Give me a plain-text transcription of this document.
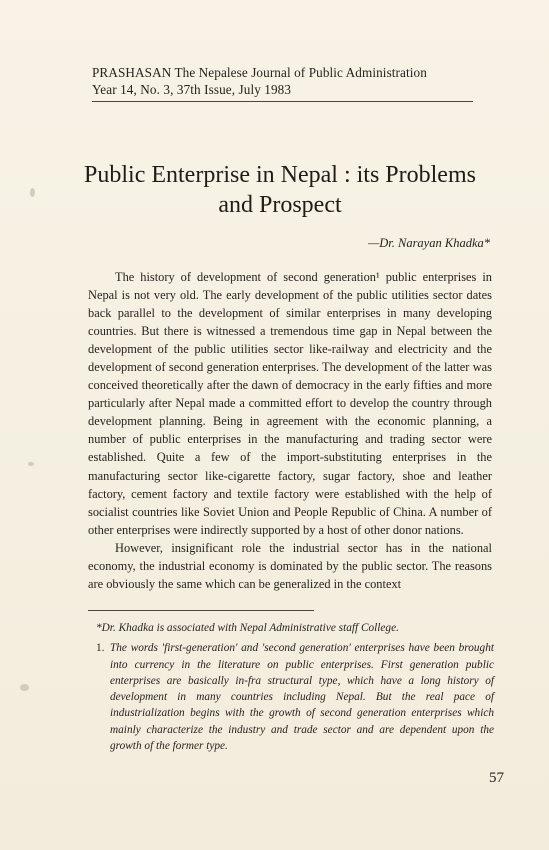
PRASHASAN The Nepalese Journal of Public Administration
Year 14, No. 3, 37th Issue, July 1983
Public Enterprise in Nepal : its Problems
and Prospect
—Dr. Narayan Khadka*

The history of development of second generation¹ public enterprises in Nepal is not very old. The early development of the public utilities sector dates back parallel to the development of similar enterprises in many developing countries. But there is witnessed a tremendous time gap in Nepal between the development of the public utilities sector like-railway and electricity and the development of second generation enterprises. The development of the latter was conceived theoretically after the dawn of democracy in the early fifties and more particularly after Nepal made a committed effort to develop the country through development planning. Being in agreement with the economic planning, a number of public enterprises in the manufacturing and trading sector were established. Quite a few of the import-substituting enterprises in the manufacturing sector like-cigarette factory, sugar factory, shoe and leather factory, cement factory and textile factory were established with the help of socialist countries like Soviet Union and People Republic of China. A number of other enterprises were indirectly supported by a host of other donor nations.

However, insignificant role the industrial sector has in the national economy, the industrial economy is dominated by the public sector. The reasons are obviously the same which can be generalized in the context

*Dr. Khadka is associated with Nepal Administrative staff College.

1. The words 'first-generation' and 'second generation' enterprises have been brought into currency in the literature on public enterprises. First generation public enterprises are basically in-fra structural type, which have a long history of development in many countries including Nepal. But the real pace of industrialization begins with the growth of second generation enterprises which mainly characterize the industry and trade sector and are dependent upon the growth of the former type.
57
